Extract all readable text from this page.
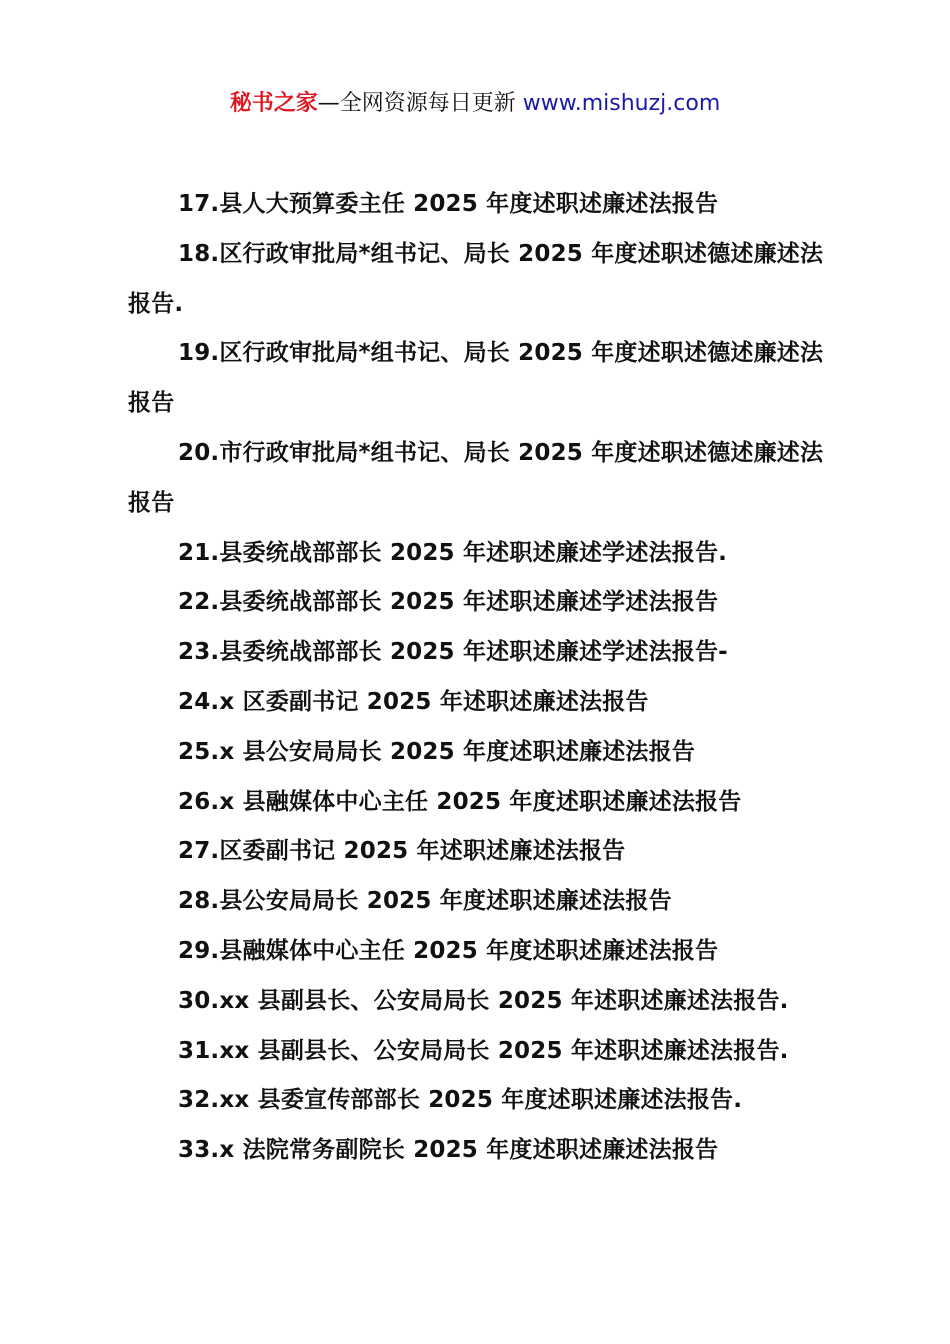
秘书之家—全网资源每日更新 www.mishuzj.com

17.县人大预算委主任 2025 年度述职述廉述法报告

18.区行政审批局*组书记、局长 2025 年度述职述德述廉述法报告.

19.区行政审批局*组书记、局长 2025 年度述职述德述廉述法报告

20.市行政审批局*组书记、局长 2025 年度述职述德述廉述法报告

21.县委统战部部长 2025 年述职述廉述学述法报告.

22.县委统战部部长 2025 年述职述廉述学述法报告

23.县委统战部部长 2025 年述职述廉述学述法报告-

24.x 区委副书记 2025 年述职述廉述法报告

25.x 县公安局局长 2025 年度述职述廉述法报告

26.x 县融媒体中心主任 2025 年度述职述廉述法报告

27.区委副书记 2025 年述职述廉述法报告

28.县公安局局长 2025 年度述职述廉述法报告

29.县融媒体中心主任 2025 年度述职述廉述法报告

30.xx 县副县长、公安局局长 2025 年述职述廉述法报告.

31.xx 县副县长、公安局局长 2025 年述职述廉述法报告.

32.xx 县委宣传部部长 2025 年度述职述廉述法报告.

33.x 法院常务副院长 2025 年度述职述廉述法报告
